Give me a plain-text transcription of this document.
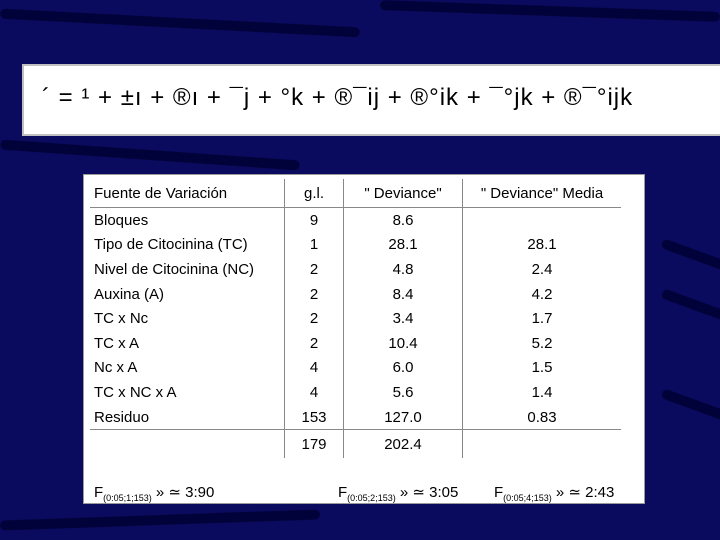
´ = ¹ + ±ı + ®ı + ¯j + °k + ®¯ij + ®°ik + ¯°jk + ®¯°ijk
Fuente de Variación	g.l.	" Deviance"	" Deviance" Media
Bloques	9	8.6	
Tipo de Citocinina (TC)	1	28.1	28.1
Nivel de Citocinina (NC)	2	4.8	2.4
Auxina (A)	2	8.4	4.2
TC x Nc	2	3.4	1.7
TC x A	2	10.4	5.2
Nc x A	4	6.0	1.5
TC x NC x A	4	5.6	1.4
Residuo	153	127.0	0.83
	179	202.4	
$F_{(0:05;1;153)}$ » ≃ 3:90	$F_{(0:05;2;153)}$ » ≃ 3:05 $F_{(0:05;4;153)}$ » ≃ 2:43
